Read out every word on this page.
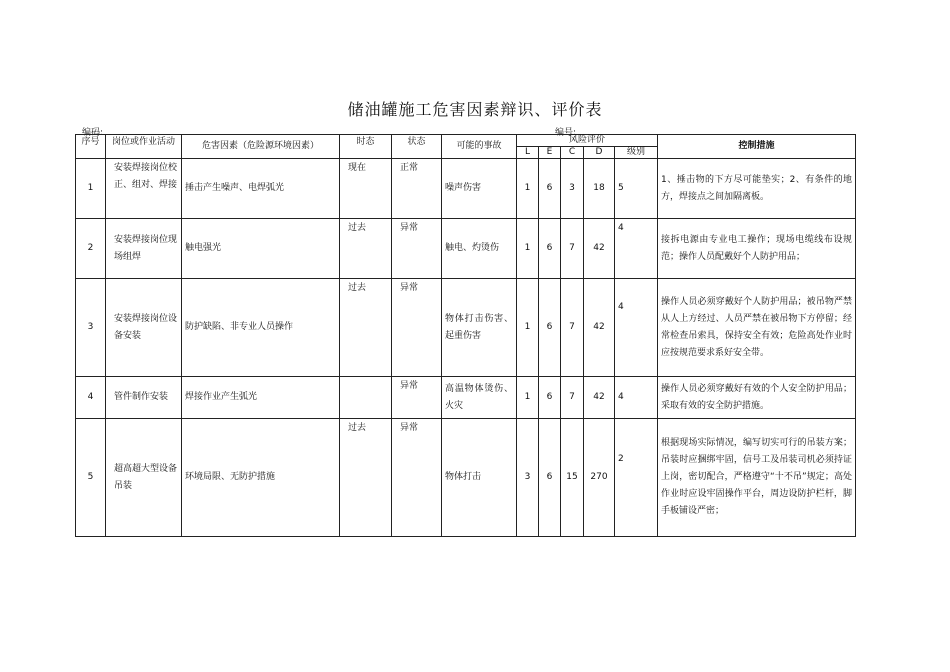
储油罐施工危害因素辩识、评价表
编码:	编号:
序号	岗位或作业活动	危害因素（危险源环境因素）	时态	状态	可能的事故	风险评价					控制措施
						L	E	C	D	级别	
1	安装焊接岗位校正、组对、焊接	捶击产生噪声、电焊弧光	现在	正常	噪声伤害	1	6	3	18	5	1、捶击物的下方尽可能垫实；2、有条件的地方，焊接点之间加隔离板。
2	安装焊接岗位现场组焊	触电强光	过去	异常	触电、灼烫伤	1	6	7	42	4	接拆电源由专业电工操作；现场电缆线布设规范；操作人员配戴好个人防护用品；
3	安装焊接岗位设备安装	防护缺陷、非专业人员操作	过去	异常	物体打击伤害、起重伤害	1	6	7	42	4	操作人员必须穿戴好个人防护用品；被吊物严禁从人上方经过、人员严禁在被吊物下方停留；经常检查吊索具，保持安全有效；危险高处作业时应按规范要求系好安全带。
4	管件制作安装	焊接作业产生弧光		异常	高温物体烫伤、火灾	1	6	7	42	4	操作人员必须穿戴好有效的个人安全防护用品；采取有效的安全防护措施。
5	超高超大型设备吊装	环境局限、无防护措施	过去	异常	物体打击	3	6	15	270	2	根据现场实际情况，编写切实可行的吊装方案；吊装时应捆绑牢固，信号工及吊装司机必须持证上岗，密切配合，严格遵守“十不吊”规定；高处作业时应设牢固操作平台，周边设防护栏杆，脚手板铺设严密；
